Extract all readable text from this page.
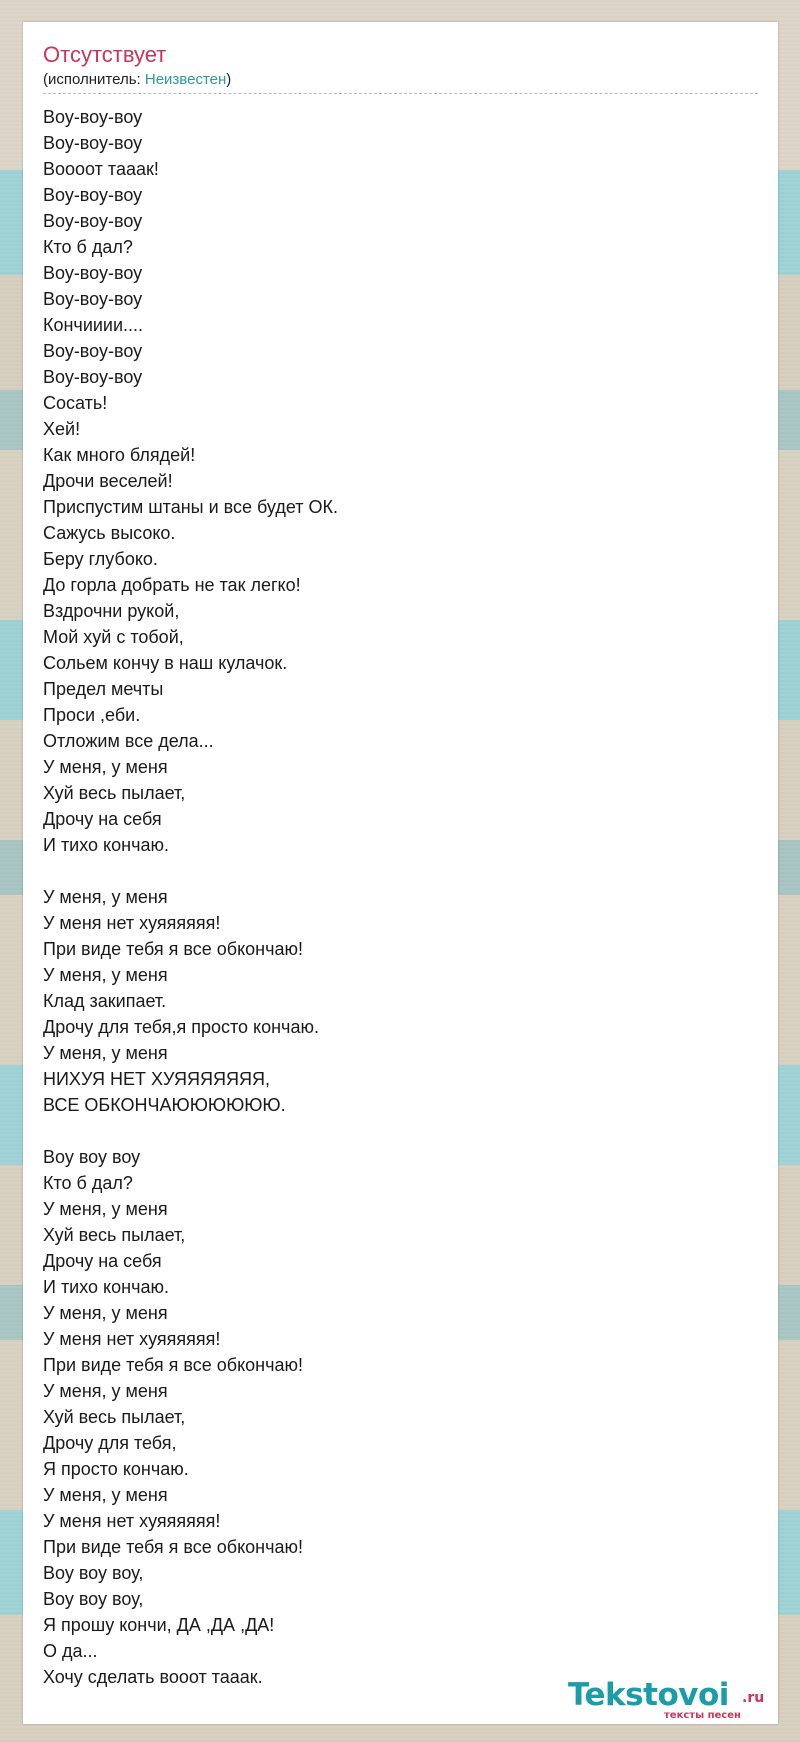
Отсутствует
(исполнитель: Неизвестен)
Воу-воу-воу
Воу-воу-воу
Воооот тааак!
Воу-воу-воу
Воу-воу-воу
Кто б дал?
Воу-воу-воу
Воу-воу-воу
Кончииии....
Воу-воу-воу
Воу-воу-воу
Сосать!
Хей!
Как много блядей!
Дрочи веселей!
Приспустим штаны и все будет ОК.
Сажусь высоко.
Беру глубоко.
До горла добрать не так легко!
Вздрочни рукой,
Мой хуй с тобой,
Сольем кончу в наш кулачок.
Предел мечты
Проси ,еби.
Отложим все дела...
У меня, у меня
Хуй весь пылает,
Дрочу на себя
И тихо кончаю.
У меня, у меня
У меня нет хуяяяяяя!
При виде тебя я все обкончаю!
У меня, у меня
Клад закипает.
Дрочу для тебя,я просто кончаю.
У меня, у меня
НИХУЯ НЕТ ХУЯЯЯЯЯЯЯ,
ВСЕ ОБКОНЧАЮЮЮЮЮЮ.
Воу воу воу
Кто б дал?
У меня, у меня
Хуй весь пылает,
Дрочу на себя
И тихо кончаю.
У меня, у меня
У меня нет хуяяяяяя!
При виде тебя я все обкончаю!
У меня, у меня
Хуй весь пылает,
Дрочу для тебя,
Я просто кончаю.
У меня, у меня
У меня нет хуяяяяяя!
При виде тебя я все обкончаю!
Воу воу воу,
Воу воу воу,
Я прошу кончи, ДА ,ДА ,ДА!
О да...
Хочу сделать вооот тааак.	Tekstovoi .ru
тексты песен
